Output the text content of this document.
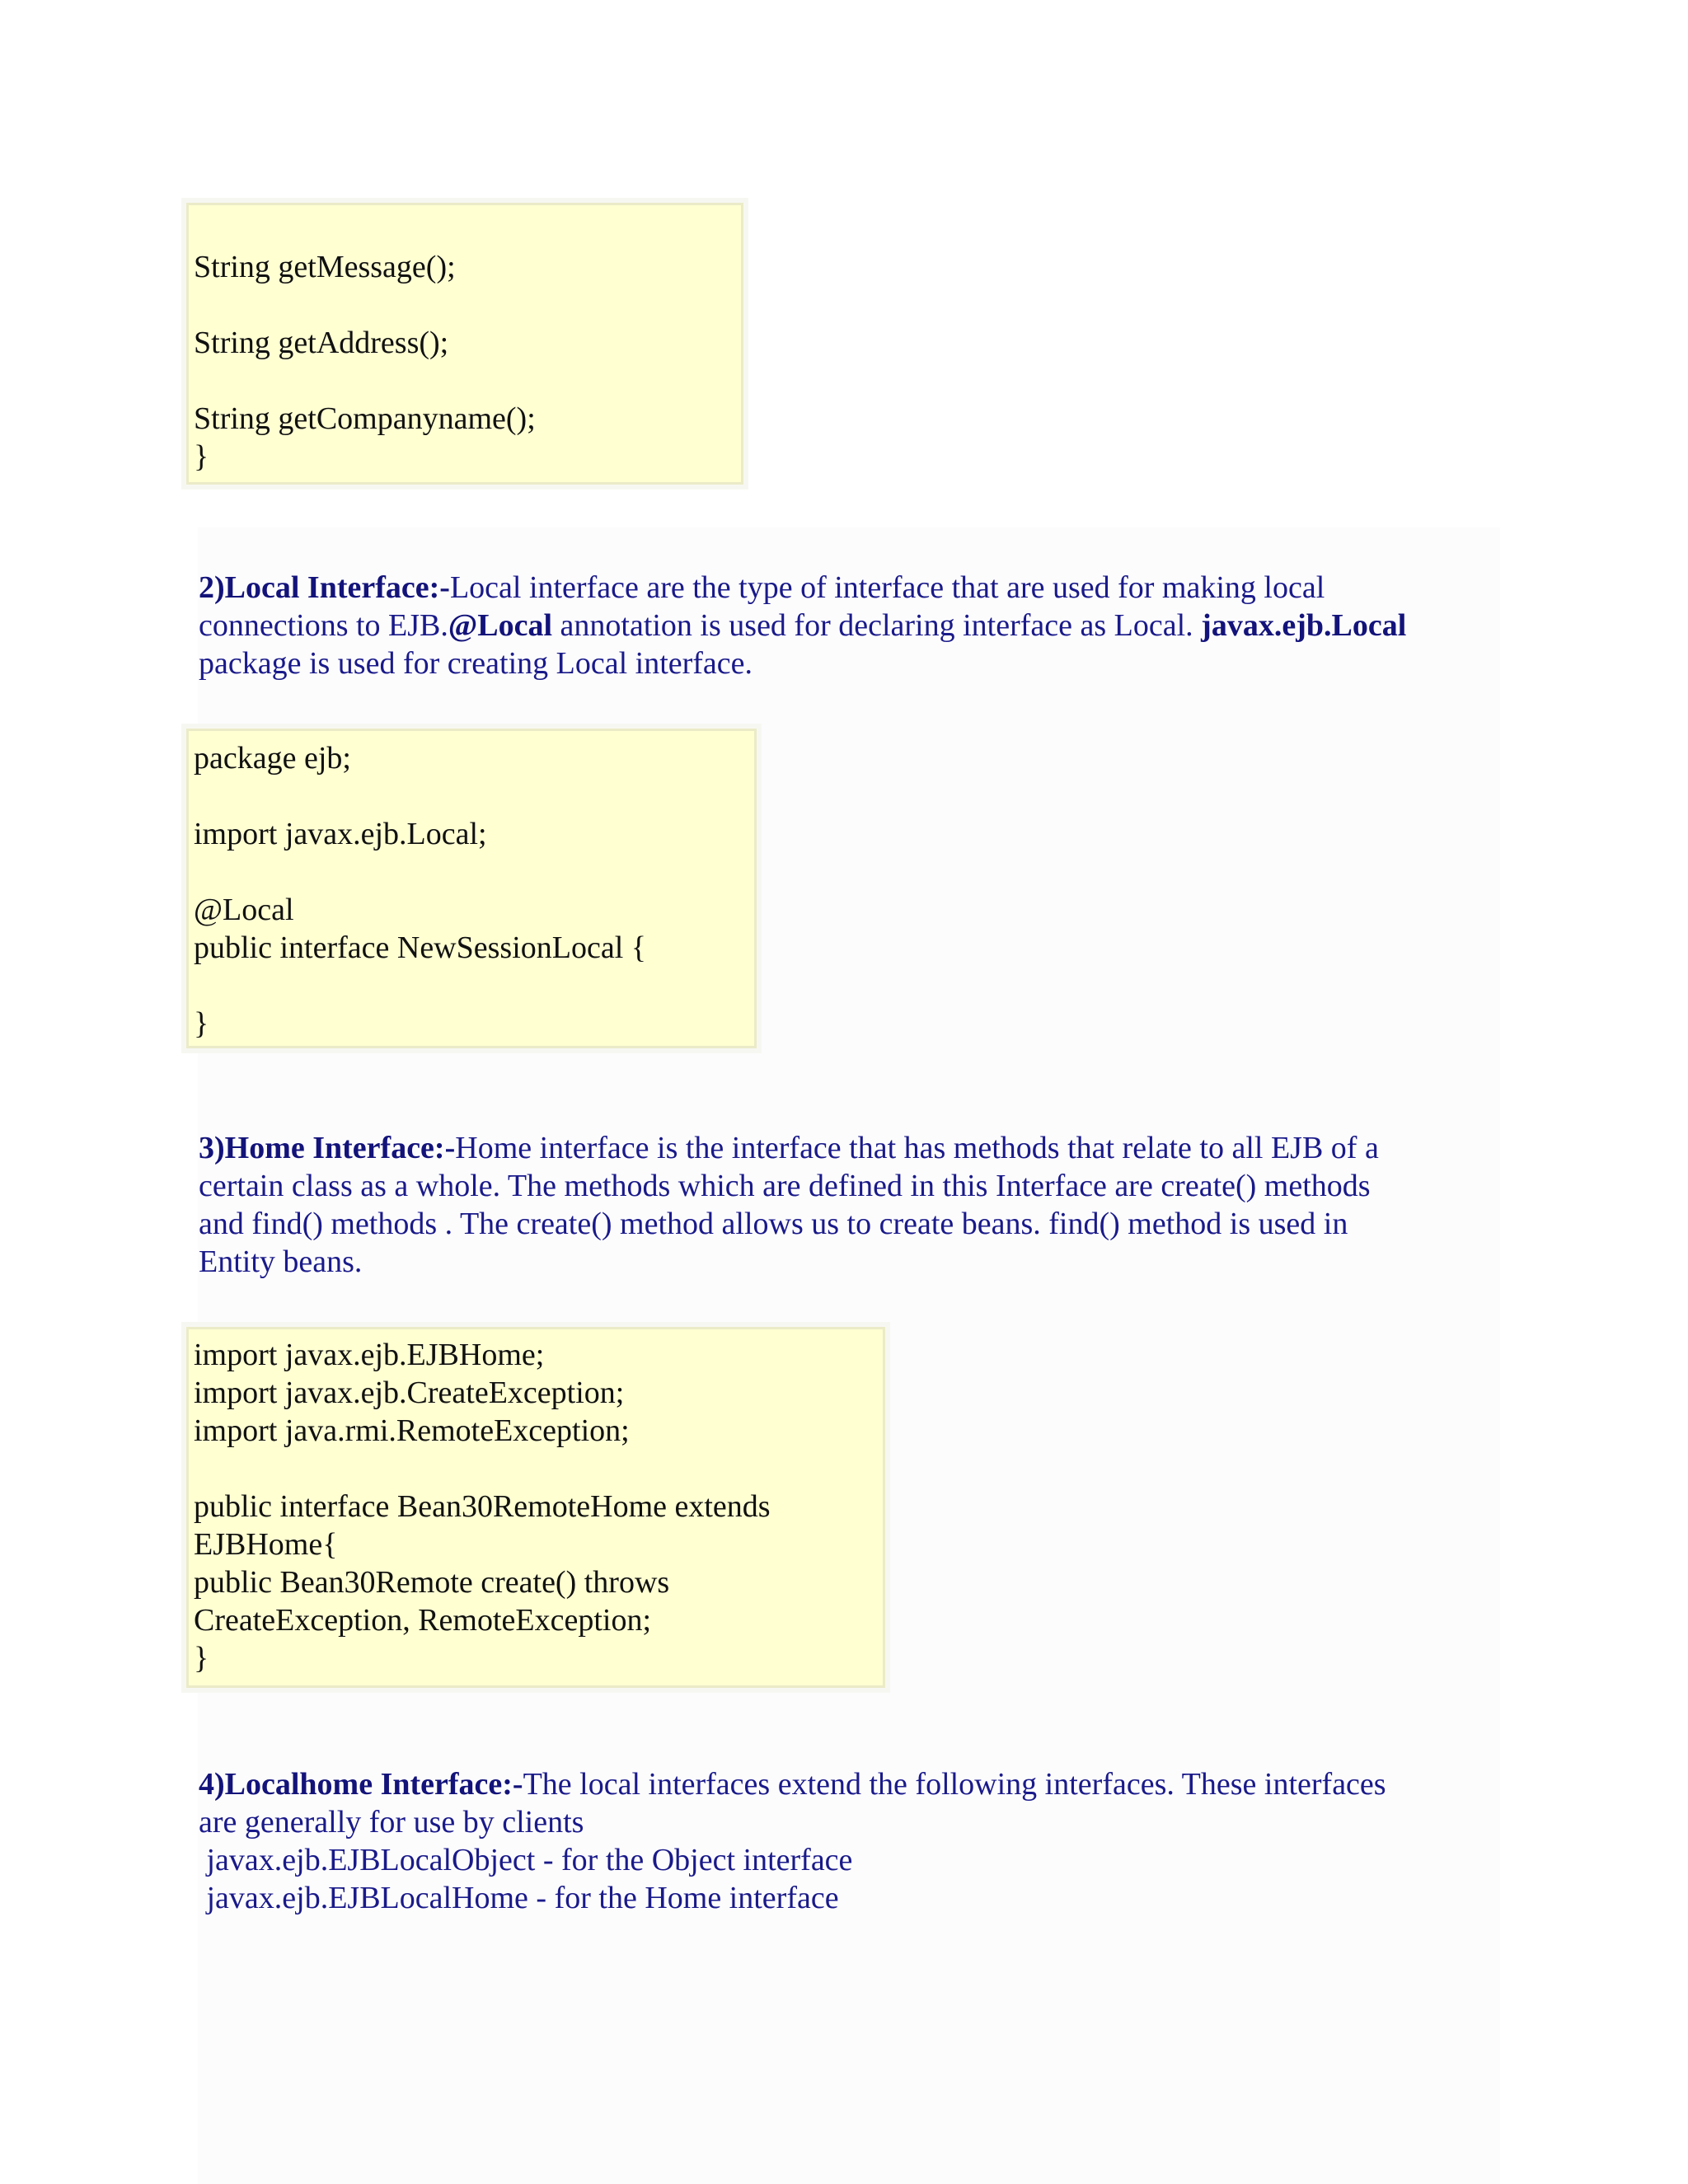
String getMessage();
String getAddress();
String getCompanyname();
}
2)Local Interface:-Local interface are the type of interface that are used for making local
connections to EJB.@Local annotation is used for declaring interface as Local. javax.ejb.Local
package is used for creating Local interface.
package ejb;
import javax.ejb.Local;
@Local
public interface NewSessionLocal {
}
3)Home Interface:-Home interface is the interface that has methods that relate to all EJB of a
certain class as a whole. The methods which are defined in this Interface are create() methods
and find() methods . The create() method allows us to create beans. find() method is used in
Entity beans.
import javax.ejb.EJBHome;
import javax.ejb.CreateException;
import java.rmi.RemoteException;
public interface Bean30RemoteHome extends
EJBHome{
public Bean30Remote create() throws
CreateException, RemoteException;
}
4)Localhome Interface:-The local interfaces extend the following interfaces. These interfaces
are generally for use by clients
javax.ejb.EJBLocalObject - for the Object interface
javax.ejb.EJBLocalHome - for the Home interface
